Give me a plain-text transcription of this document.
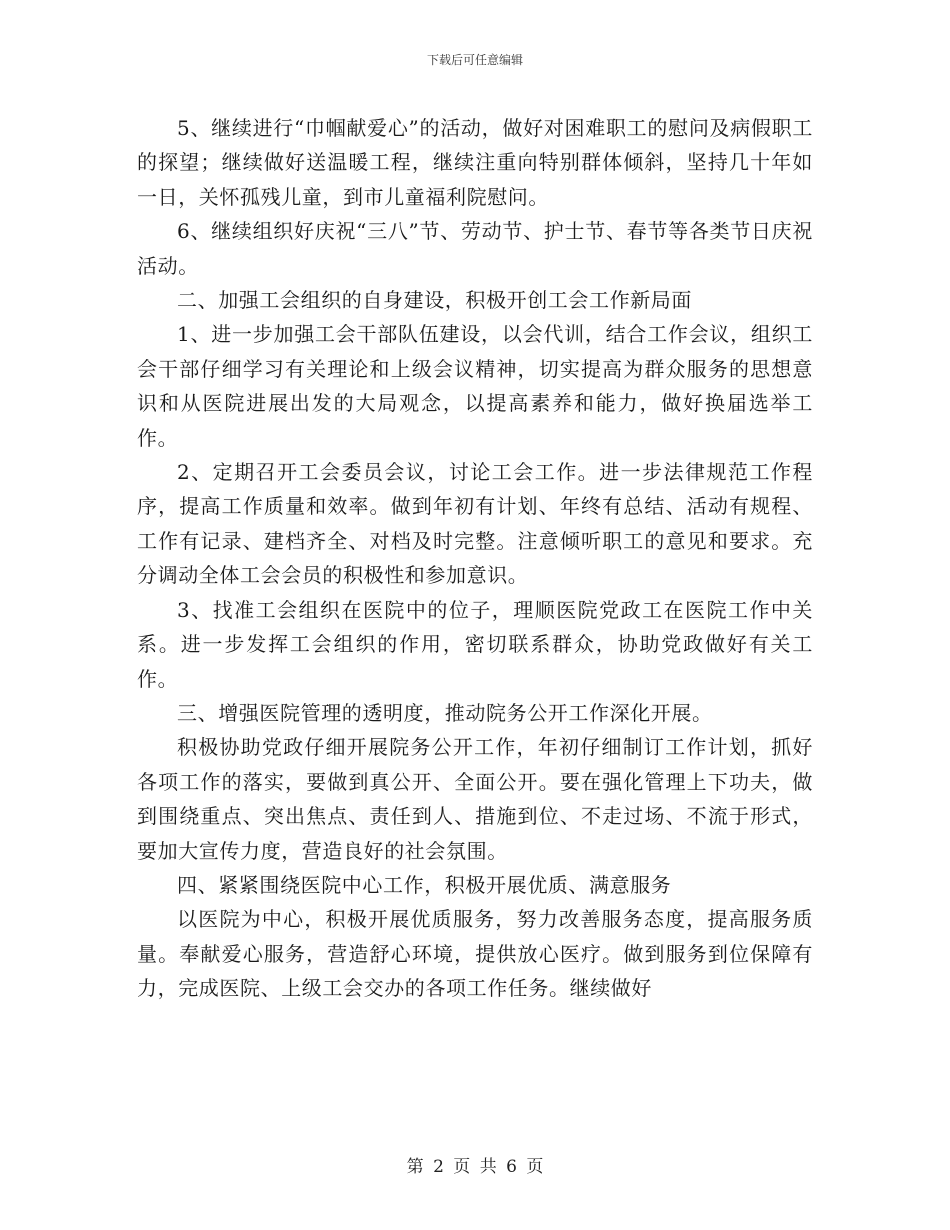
下载后可任意编辑

5、继续进行“巾帼献爱心”的活动，做好对困难职工的慰问及病假职工的探望；继续做好送温暖工程，继续注重向特别群体倾斜，坚持几十年如一日，关怀孤残儿童，到市儿童福利院慰问。

6、继续组织好庆祝“三八”节、劳动节、护士节、春节等各类节日庆祝活动。

二、加强工会组织的自身建设，积极开创工会工作新局面

1、进一步加强工会干部队伍建设，以会代训，结合工作会议，组织工会干部仔细学习有关理论和上级会议精神，切实提高为群众服务的思想意识和从医院进展出发的大局观念，以提高素养和能力，做好换届选举工作。

2、定期召开工会委员会议，讨论工会工作。进一步法律规范工作程序，提高工作质量和效率。做到年初有计划、年终有总结、活动有规程、工作有记录、建档齐全、对档及时完整。注意倾听职工的意见和要求。充分调动全体工会会员的积极性和参加意识。

3、找准工会组织在医院中的位子，理顺医院党政工在医院工作中关系。进一步发挥工会组织的作用，密切联系群众，协助党政做好有关工作。

三、增强医院管理的透明度，推动院务公开工作深化开展。

积极协助党政仔细开展院务公开工作，年初仔细制订工作计划，抓好各项工作的落实，要做到真公开、全面公开。要在强化管理上下功夫，做到围绕重点、突出焦点、责任到人、措施到位、不走过场、不流于形式，要加大宣传力度，营造良好的社会氛围。

四、紧紧围绕医院中心工作，积极开展优质、满意服务

以医院为中心，积极开展优质服务，努力改善服务态度，提高服务质量。奉献爱心服务，营造舒心环境，提供放心医疗。做到服务到位保障有力，完成医院、上级工会交办的各项工作任务。继续做好

第 2 页 共 6 页
